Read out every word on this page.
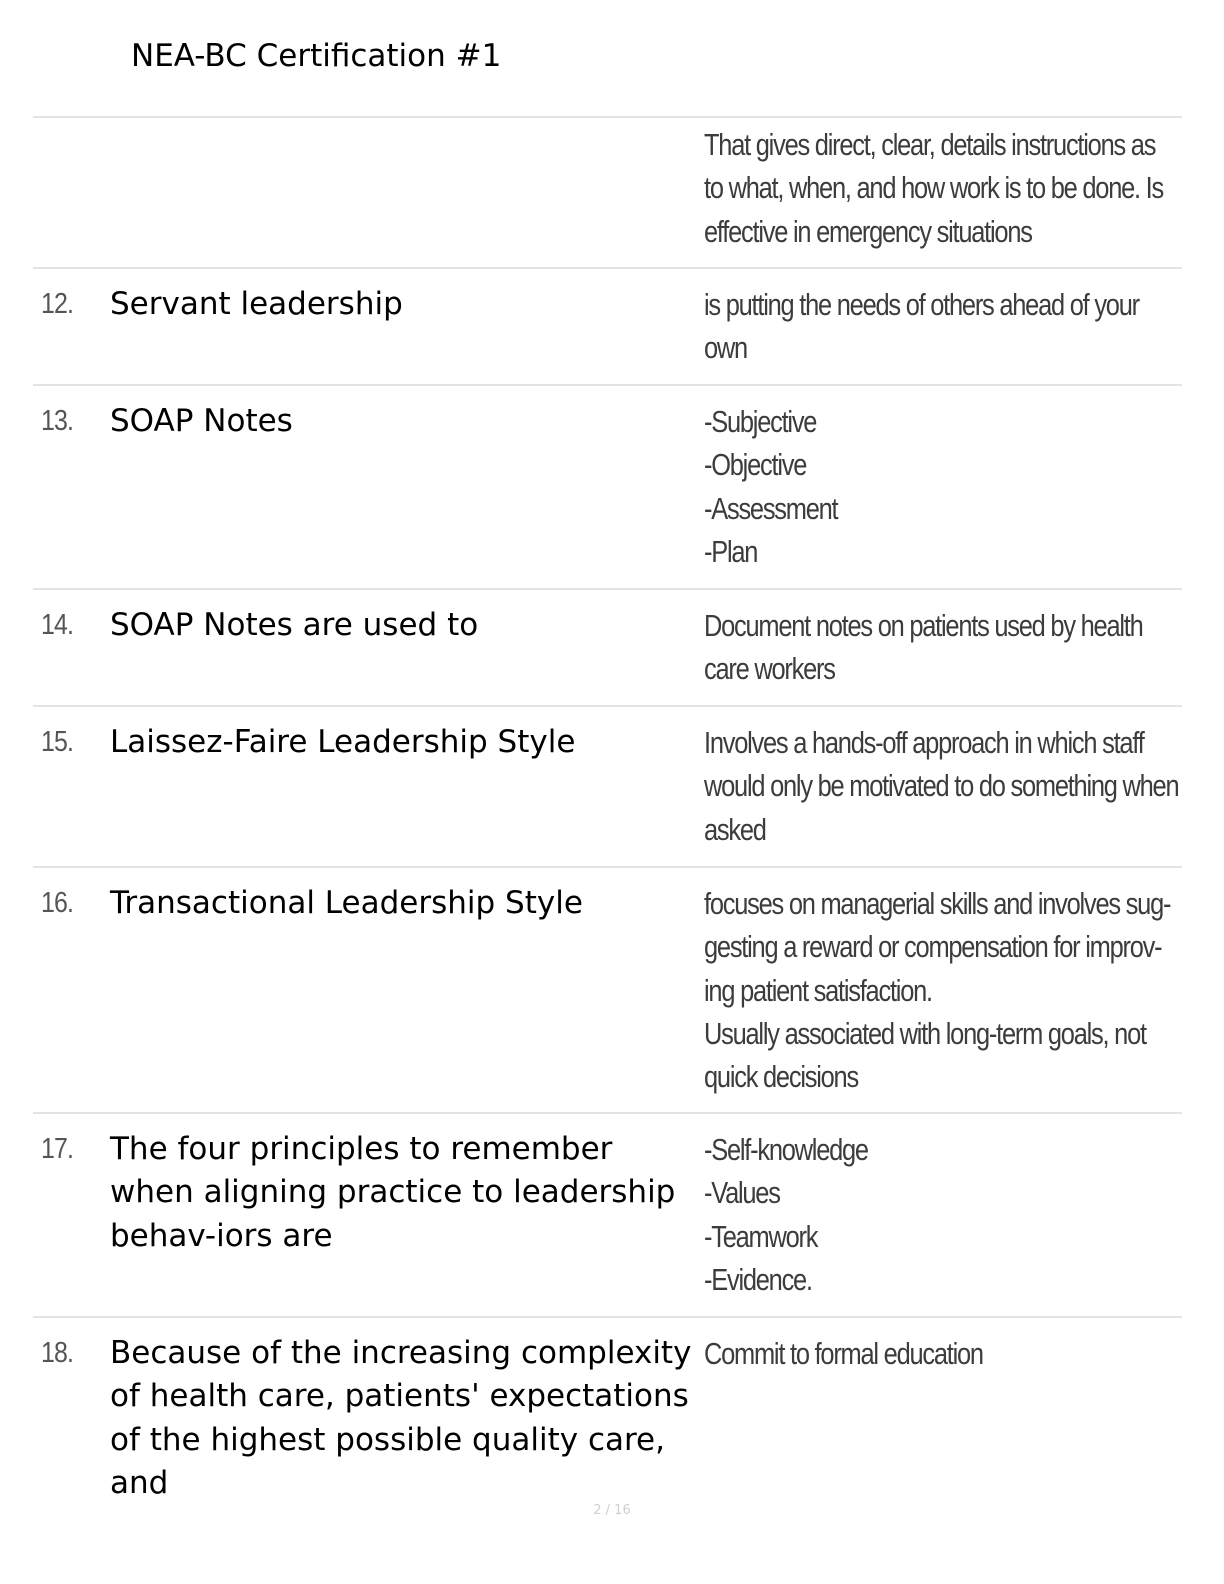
NEA-BC Certification #1
That gives direct, clear, details instructions as
to what, when, and how work is to be done. Is
effective in emergency situations
12.	Servant leadership	is putting the needs of others ahead of your
own
13.	SOAP Notes	-Subjective
-Objective
-Assessment
-Plan
14.	SOAP Notes are used to	Document notes on patients used by health
care workers
15.	Laissez-Faire Leadership Style	Involves a hands-off approach in which staff
would only be motivated to do something when
asked
16.	Transactional Leadership Style	focuses on managerial skills and involves sug-
gesting a reward or compensation for improv-
ing patient satisfaction.
Usually associated with long-term goals, not
quick decisions
17.	The four principles to remember when aligning practice to leadership behav-iors are
-Self-knowledge
-Values
-Teamwork
-Evidence.
18.	Because of the increasing complexity of health care, patients' expectations of the highest possible quality care, and
Commit to formal education
2 / 16
